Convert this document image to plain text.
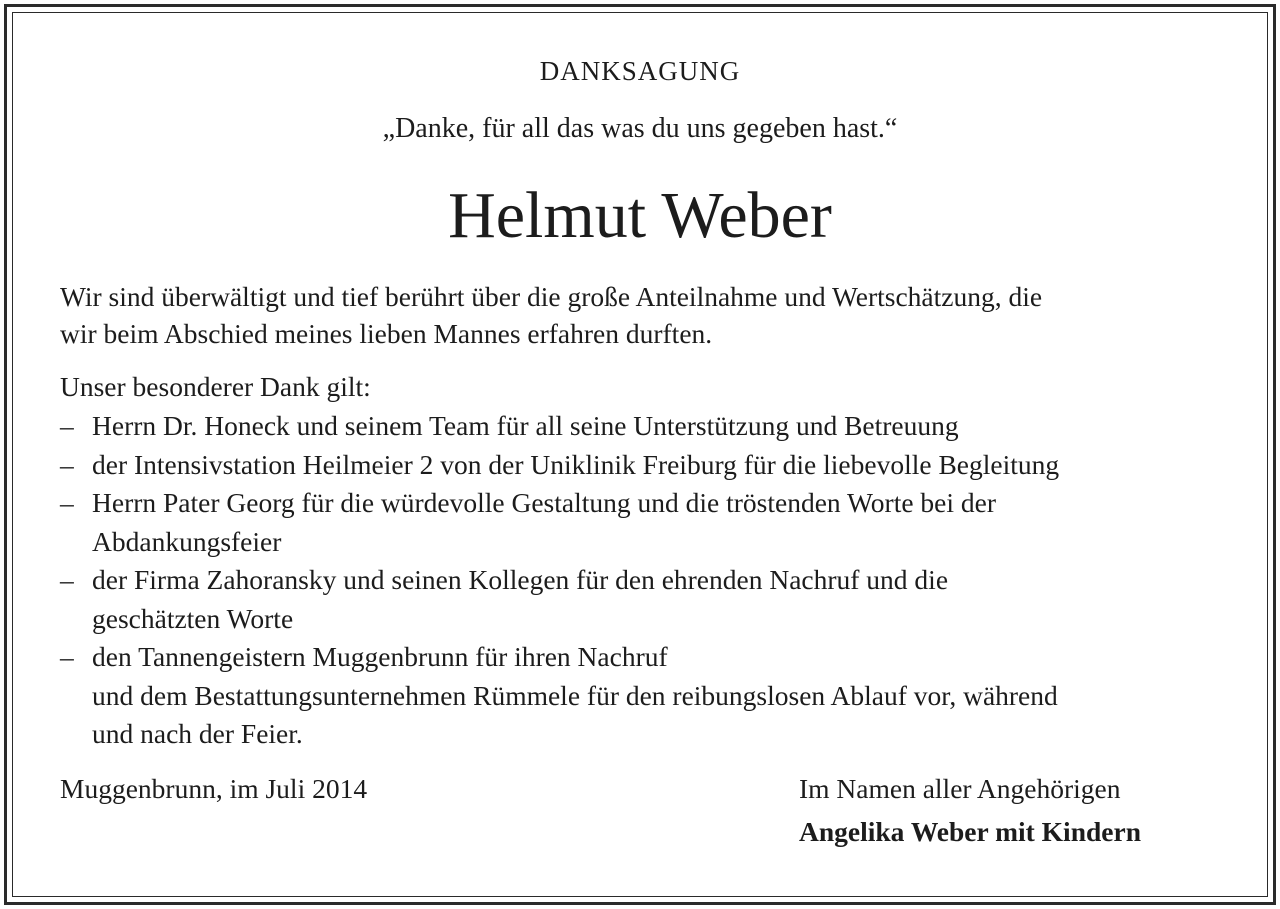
DANKSAGUNG
„Danke, für all das was du uns gegeben hast.“
Helmut Weber
Wir sind überwältigt und tief berührt über die große Anteilnahme und Wertschätzung, die
wir beim Abschied meines lieben Mannes erfahren durften.
Unser besonderer Dank gilt:
– Herrn Dr. Honeck und seinem Team für all seine Unterstützung und Betreuung
– der Intensivstation Heilmeier 2 von der Uniklinik Freiburg für die liebevolle Begleitung
– Herrn Pater Georg für die würdevolle Gestaltung und die tröstenden Worte bei der
Abdankungsfeier
– der Firma Zahoransky und seinen Kollegen für den ehrenden Nachruf und die
geschätzten Worte
– den Tannengeistern Muggenbrunn für ihren Nachruf
und dem Bestattungsunternehmen Rümmele für den reibungslosen Ablauf vor, während
und nach der Feier.
Muggenbrunn, im Juli 2014	Im Namen aller Angehörigen
Angelika Weber mit Kindern
